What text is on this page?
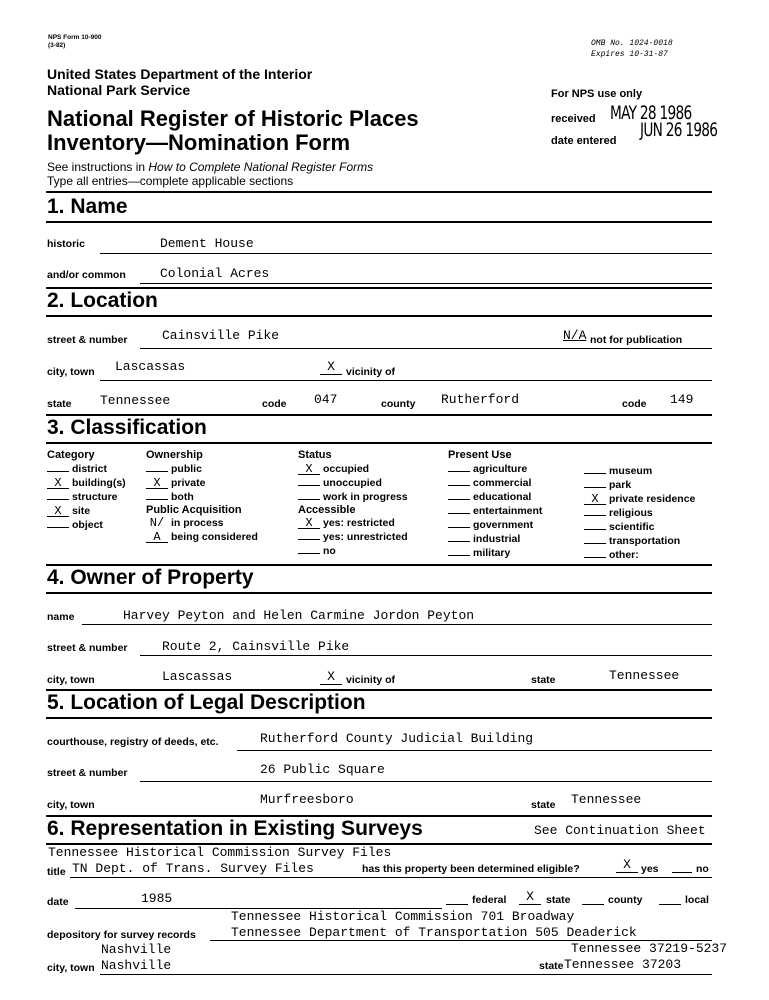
NPS Form 10-900
(3-82)	OMB No. 1024-0018
Expires 10-31-87
United States Department of the Interior
National Park Service
National Register of Historic Places
Inventory—Nomination Form
See instructions in How to Complete National Register Forms
Type all entries—complete applicable sections
For NPS use only
received MAY 28 1986
date entered JUN 26 1986
1. Name
historic	Dement House
and/or common	Colonial Acres
2. Location
street & number	Cainsville Pike	N/A not for publication
city, town Lascassas	X	vicinity of
state Tennessee	code 047	county Rutherford	code 149
3. Classification
Category
district
X building(s)
structure
X site
object
Ownership
public
X private
both
Public Acquisition
N/ in process
A being considered
Status
X occupied
unoccupied
work in progress
Accessible
X yes: restricted
yes: unrestricted
no
Present Use
agriculture
commercial
educational
entertainment
government
industrial
military
museum
park
X private residence
religious
scientific
transportation
other:
4. Owner of Property
name	Harvey Peyton and Helen Carmine Jordon Peyton
street & number	Route 2, Cainsville Pike
city, town	Lascassas	X	vicinity of	state	Tennessee
5. Location of Legal Description
courthouse, registry of deeds, etc.	Rutherford County Judicial Building
street & number	26 Public Square
city, town	Murfreesboro	state Tennessee
6. Representation in Existing Surveys	See Continuation Sheet
Tennessee Historical Commission Survey Files
title TN Dept. of Trans. Survey Files	has this property been determined eligible?	X yes	no
date	1985	federal	X	state	county	local
Tennessee Historical Commission 701 Broadway
depository for survey records	Tennessee Department of Transportation 505 Deaderick
Nashville	Tennessee 37219-5237
city, town Nashville	state Tennessee 37203
